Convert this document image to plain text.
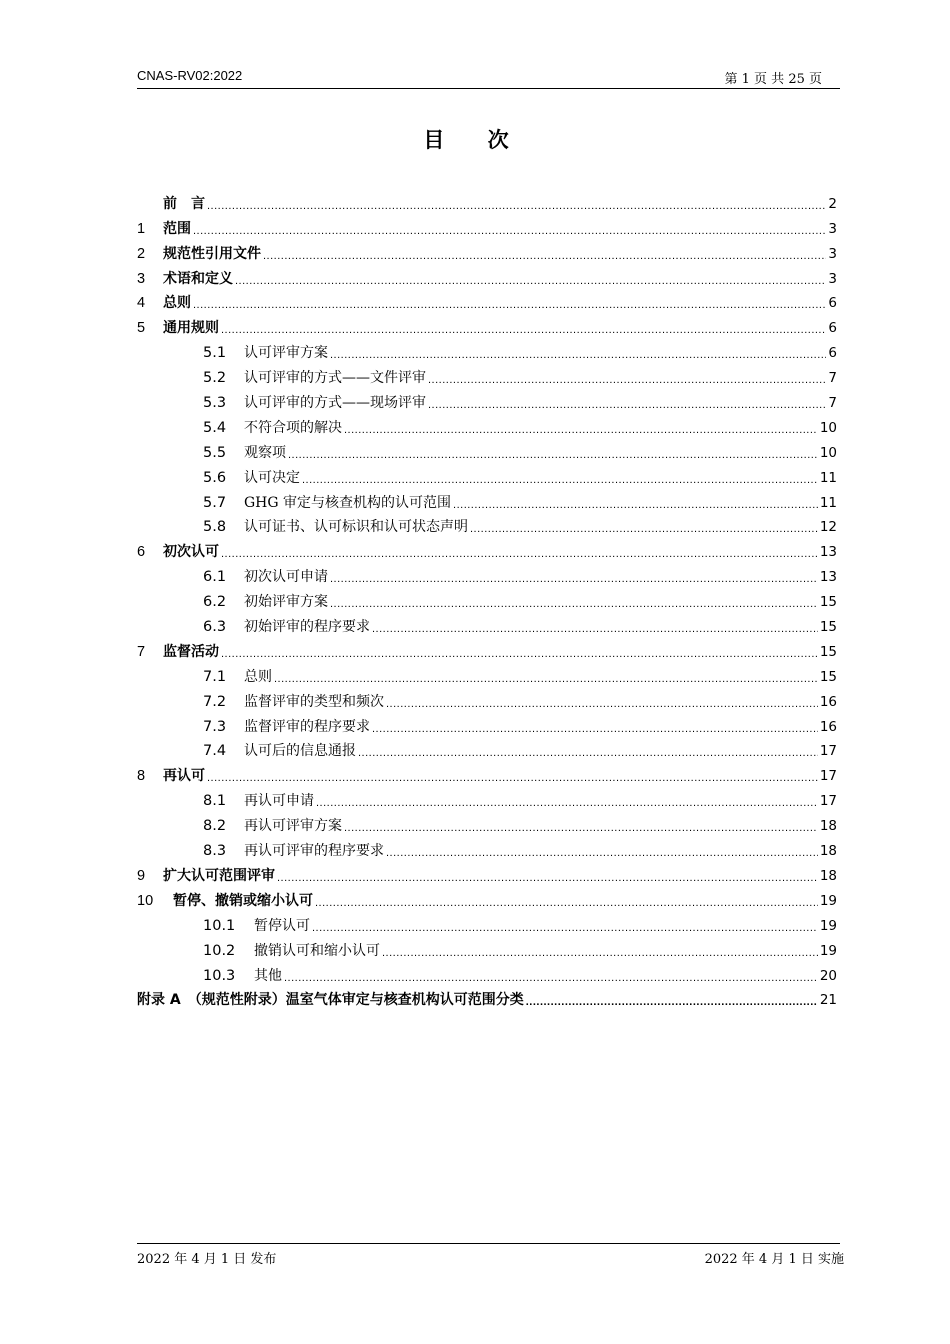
CNAS-RV02:2022	第 1 页 共 25 页
目 次
前　言 .....	2
1	范围 .....	3
2	规范性引用文件 .....	3
3	术语和定义 .....	3
4	总则 .....	6
5	通用规则 .....	6
5.1	认可评审方案 .....	6
5.2	认可评审的方式——文件评审 .....	7
5.3	认可评审的方式——现场评审 .....	7
5.4	不符合项的解决 .....	10
5.5	观察项 .....	10
5.6	认可决定 .....	11
5.7	GHG 审定与核查机构的认可范围 .....	11
5.8	认可证书、认可标识和认可状态声明 .....	12
6	初次认可 .....	13
6.1	初次认可申请 .....	13
6.2	初始评审方案 .....	15
6.3	初始评审的程序要求 .....	15
7	监督活动 .....	15
7.1	总则 .....	15
7.2	监督评审的类型和频次 .....	16
7.3	监督评审的程序要求 .....	16
7.4	认可后的信息通报 .....	17
8	再认可 .....	17
8.1	再认可申请 .....	17
8.2	再认可评审方案 .....	18
8.3	再认可评审的程序要求 .....	18
9	扩大认可范围评审 .....	18
10	暂停、撤销或缩小认可 .....	19
10.1	暂停认可 .....	19
10.2	撤销认可和缩小认可 .....	19
10.3	其他 .....	20
附录 A　（规范性附录）温室气体审定与核查机构认可范围分类 .....	21
2022 年 4 月 1 日 发布	2022 年 4 月 1 日 实施
